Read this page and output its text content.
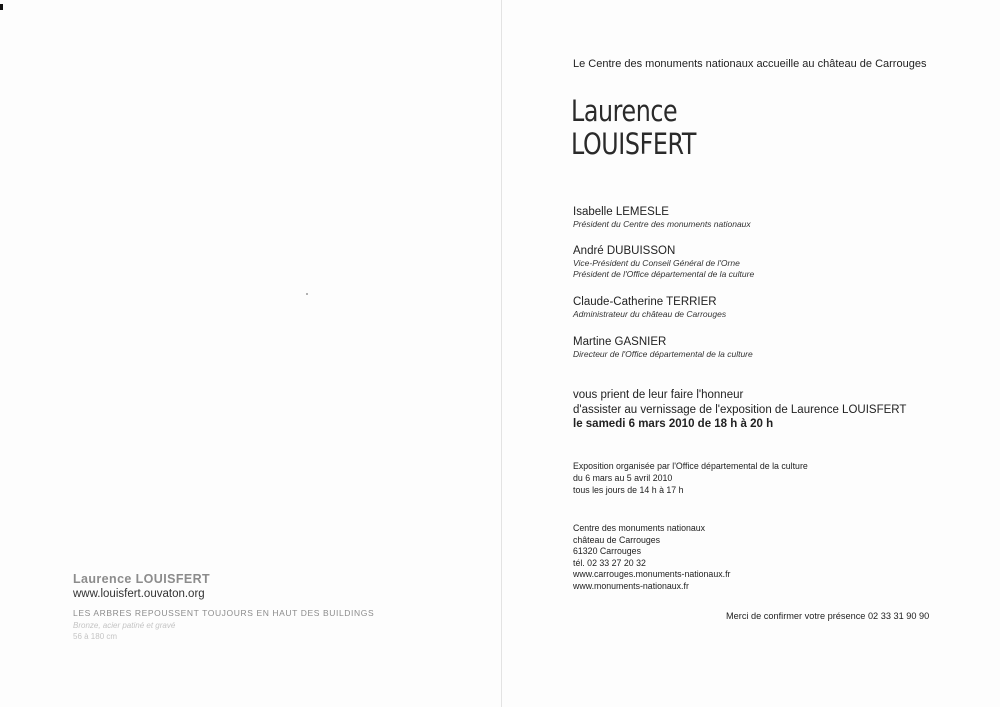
Laurence LOUISFERT
www.louisfert.ouvaton.org
LES ARBRES REPOUSSENT TOUJOURS EN HAUT DES BUILDINGS
Bronze, acier patiné et gravé
56 à 180 cm
Le Centre des monuments nationaux accueille au château de Carrouges
Laurence
LOUISFERT
Isabelle LEMESLE
Président du Centre des monuments nationaux
André DUBUISSON
Vice-Président du Conseil Général de l'Orne
Président de l'Office départemental de la culture
Claude-Catherine TERRIER
Administrateur du château de Carrouges
Martine GASNIER
Directeur de l'Office départemental de la culture
vous prient de leur faire l'honneur
d'assister au vernissage de l'exposition de Laurence LOUISFERT
le samedi 6 mars 2010 de 18 h à 20 h
Exposition organisée par l'Office départemental de la culture
du 6 mars au 5 avril 2010
tous les jours de 14 h à 17 h
Centre des monuments nationaux
château de Carrouges
61320 Carrouges
tél. 02 33 27 20 32
www.carrouges.monuments-nationaux.fr
www.monuments-nationaux.fr
Merci de confirmer votre présence 02 33 31 90 90
